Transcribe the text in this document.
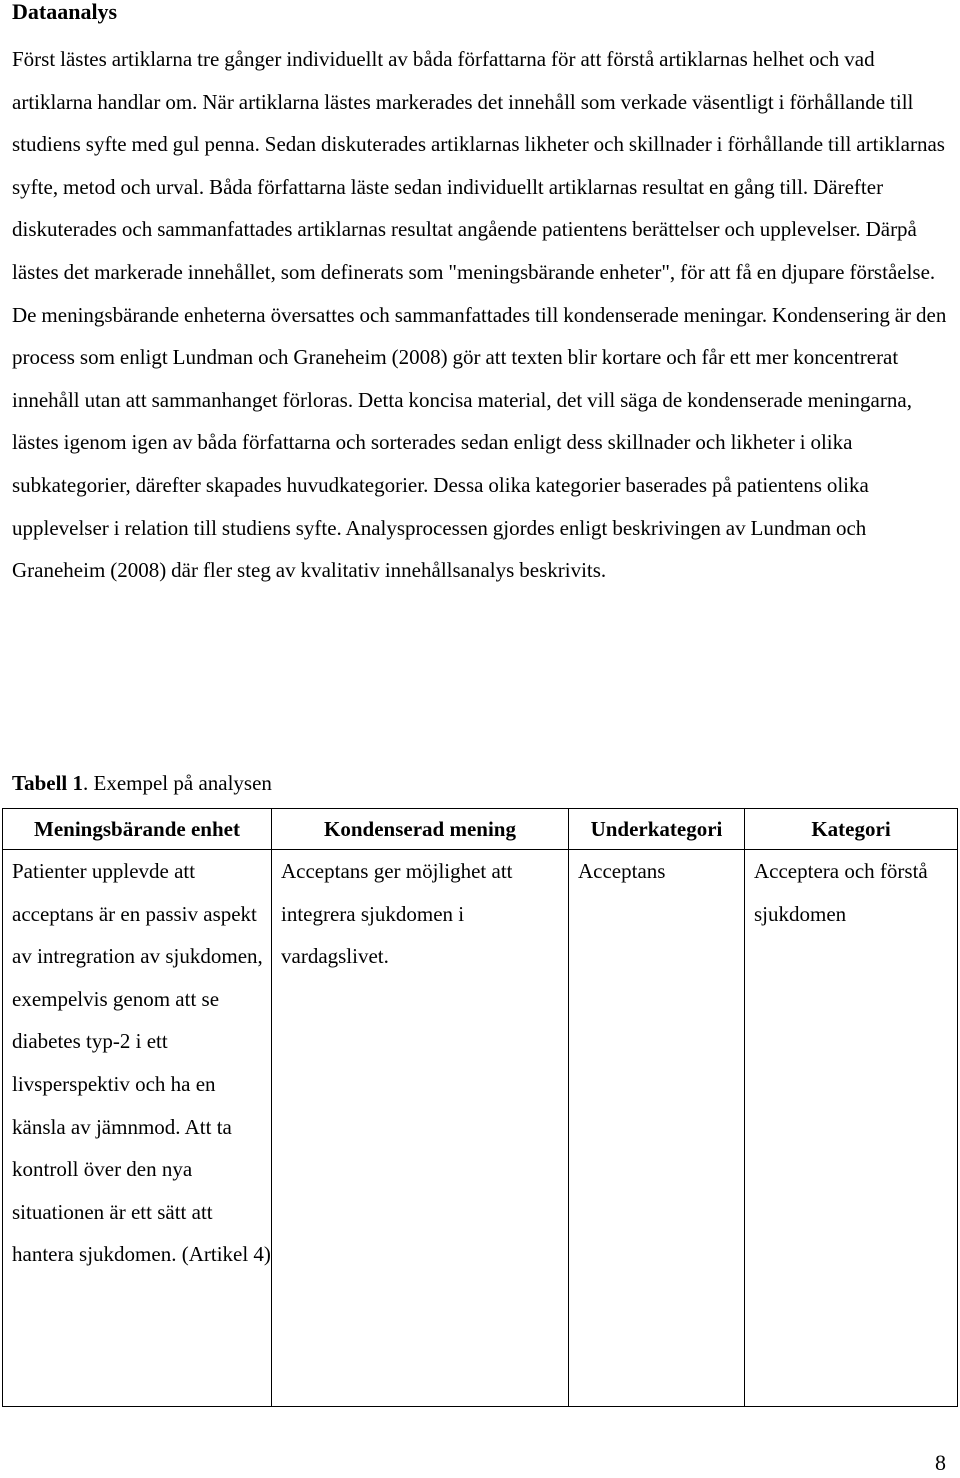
Dataanalys
Först lästes artiklarna tre gånger individuellt av båda författarna för att förstå artiklarnas helhet och vad artiklarna handlar om. När artiklarna lästes markerades det innehåll som verkade väsentligt i förhållande till studiens syfte med gul penna. Sedan diskuterades artiklarnas likheter och skillnader i förhållande till artiklarnas syfte, metod och urval. Båda författarna läste sedan individuellt artiklarnas resultat en gång till. Därefter diskuterades och sammanfattades artiklarnas resultat angående patientens berättelser och upplevelser. Därpå lästes det markerade innehållet, som definerats som "meningsbärande enheter", för att få en djupare förståelse. De meningsbärande enheterna översattes och sammanfattades till kondenserade meningar. Kondensering är den process som enligt Lundman och Graneheim (2008) gör att texten blir kortare och får ett mer koncentrerat innehåll utan att sammanhanget förloras. Detta koncisa material, det vill säga de kondenserade meningarna, lästes igenom igen av båda författarna och sorterades sedan enligt dess skillnader och likheter i olika subkategorier, därefter skapades huvudkategorier. Dessa olika kategorier baserades på patientens olika upplevelser i relation till studiens syfte. Analysprocessen gjordes enligt beskrivingen av Lundman och Graneheim (2008) där fler steg av kvalitativ innehållsanalys beskrivits.
Tabell 1. Exempel på analysen
Meningsbärande enhet	Kondenserad mening	Underkategori	Kategori
Patienter upplevde att acceptans är en passiv aspekt av intregration av sjukdomen, exempelvis genom att se diabetes typ-2 i ett livsperspektiv och ha en känsla av jämnmod. Att ta kontroll över den nya situationen är ett sätt att hantera sjukdomen. (Artikel 4)	Acceptans ger möjlighet att integrera sjukdomen i vardagslivet.	Acceptans	Acceptera och förstå sjukdomen
8
